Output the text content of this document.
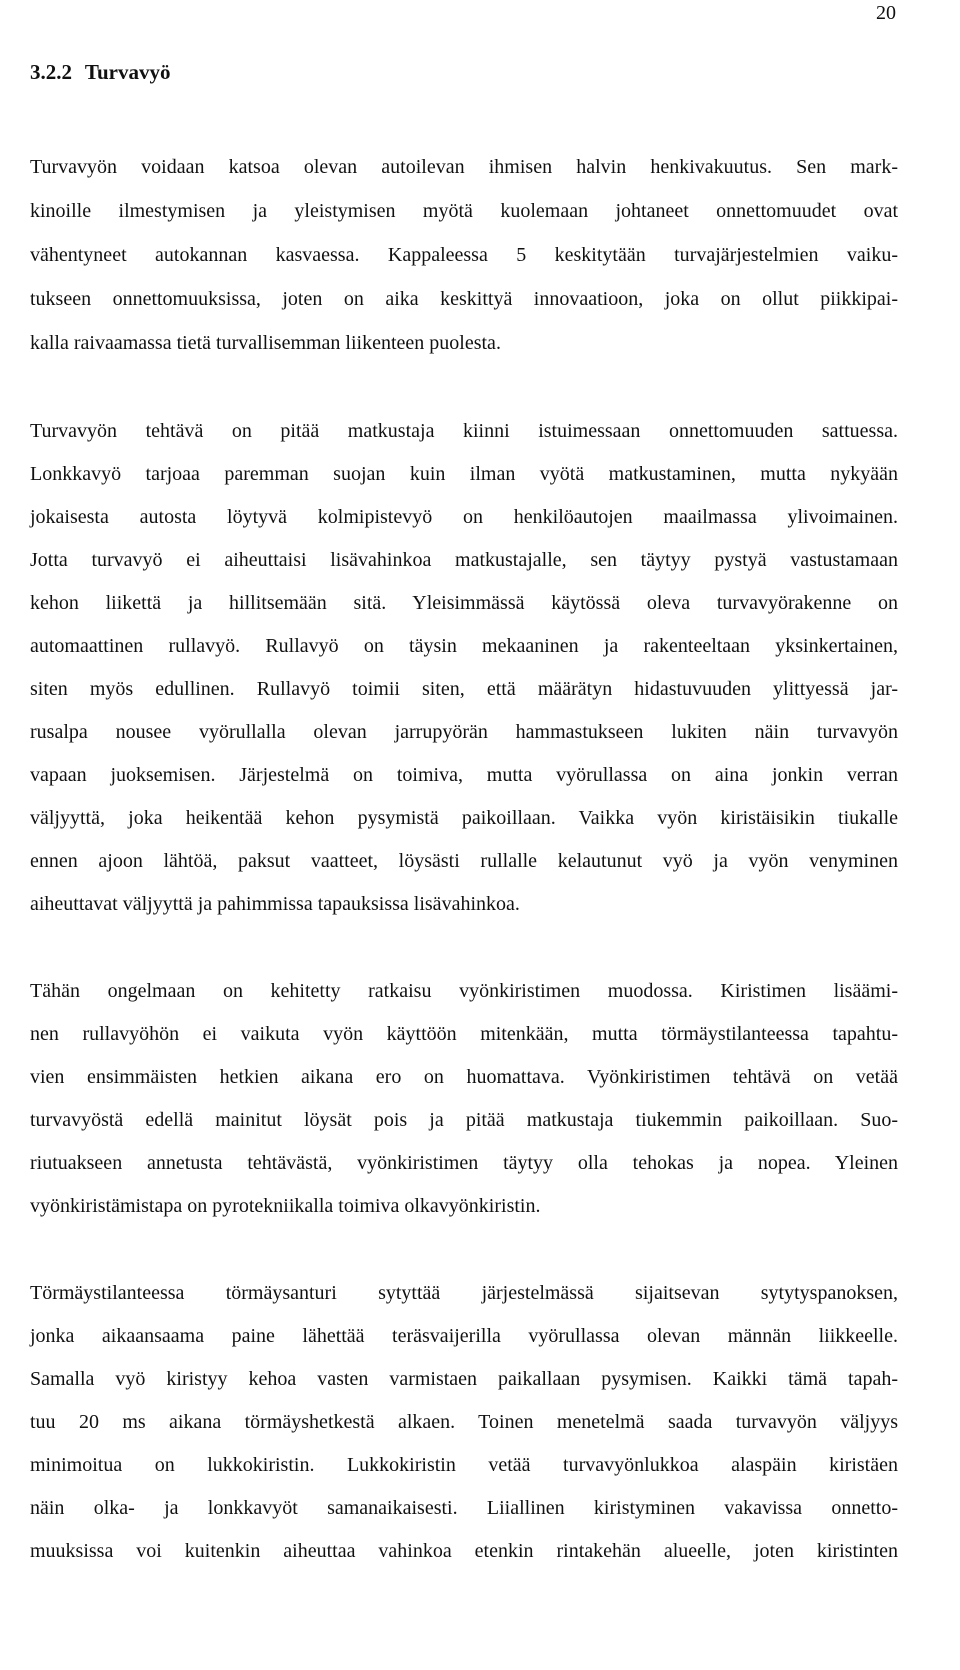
20
3.2.2 Turvavyö

Turvavyön voidaan katsoa olevan autoilevan ihmisen halvin henkivakuutus. Sen mark-
kinoille ilmestymisen ja yleistymisen myötä kuolemaan johtaneet onnettomuudet ovat
vähentyneet autokannan kasvaessa. Kappaleessa 5 keskitytään turvajärjestelmien vaiku-
tukseen onnettomuuksissa, joten on aika keskittyä innovaatioon, joka on ollut piikkipai-
kalla raivaamassa tietä turvallisemman liikenteen puolesta.

Turvavyön tehtävä on pitää matkustaja kiinni istuimessaan onnettomuuden sattuessa.
Lonkkavyö tarjoaa paremman suojan kuin ilman vyötä matkustaminen, mutta nykyään
jokaisesta autosta löytyvä kolmipistevyö on henkilöautojen maailmassa ylivoimainen.
Jotta turvavyö ei aiheuttaisi lisävahinkoa matkustajalle, sen täytyy pystyä vastustamaan
kehon liikettä ja hillitsemään sitä. Yleisimmässä käytössä oleva turvavyörakenne on
automaattinen rullavyö. Rullavyö on täysin mekaaninen ja rakenteeltaan yksinkertainen,
siten myös edullinen. Rullavyö toimii siten, että määrätyn hidastuvuuden ylittyessä jar-
rusalpa nousee vyörullalla olevan jarrupyörän hammastukseen lukiten näin turvavyön
vapaan juoksemisen. Järjestelmä on toimiva, mutta vyörullassa on aina jonkin verran
väljyyttä, joka heikentää kehon pysymistä paikoillaan. Vaikka vyön kiristäisikin tiukalle
ennen ajoon lähtöä, paksut vaatteet, löysästi rullalle kelautunut vyö ja vyön venyminen
aiheuttavat väljyyttä ja pahimmissa tapauksissa lisävahinkoa.

Tähän ongelmaan on kehitetty ratkaisu vyönkiristimen muodossa. Kiristimen lisäämi-
nen rullavyöhön ei vaikuta vyön käyttöön mitenkään, mutta törmäystilanteessa tapahtu-
vien ensimmäisten hetkien aikana ero on huomattava. Vyönkiristimen tehtävä on vetää
turvavyöstä edellä mainitut löysät pois ja pitää matkustaja tiukemmin paikoillaan. Suo-
riutuakseen annetusta tehtävästä, vyönkiristimen täytyy olla tehokas ja nopea. Yleinen
vyönkiristämistapa on pyrotekniikalla toimiva olkavyönkiristin.

Törmäystilanteessa törmäysanturi sytyttää järjestelmässä sijaitsevan sytytyspanoksen,
jonka aikaansaama paine lähettää teräsvaijerilla vyörullassa olevan männän liikkeelle.
Samalla vyö kiristyy kehoa vasten varmistaen paikallaan pysymisen. Kaikki tämä tapah-
tuu 20 ms aikana törmäyshetkestä alkaen. Toinen menetelmä saada turvavyön väljyys
minimoitua on lukkokiristin. Lukkokiristin vetää turvavyönlukkoa alaspäin kiristäen
näin olka- ja lonkkavyöt samanaikaisesti. Liiallinen kiristyminen vakavissa onnetto-
muuksissa voi kuitenkin aiheuttaa vahinkoa etenkin rintakehän alueelle, joten kiristinten
